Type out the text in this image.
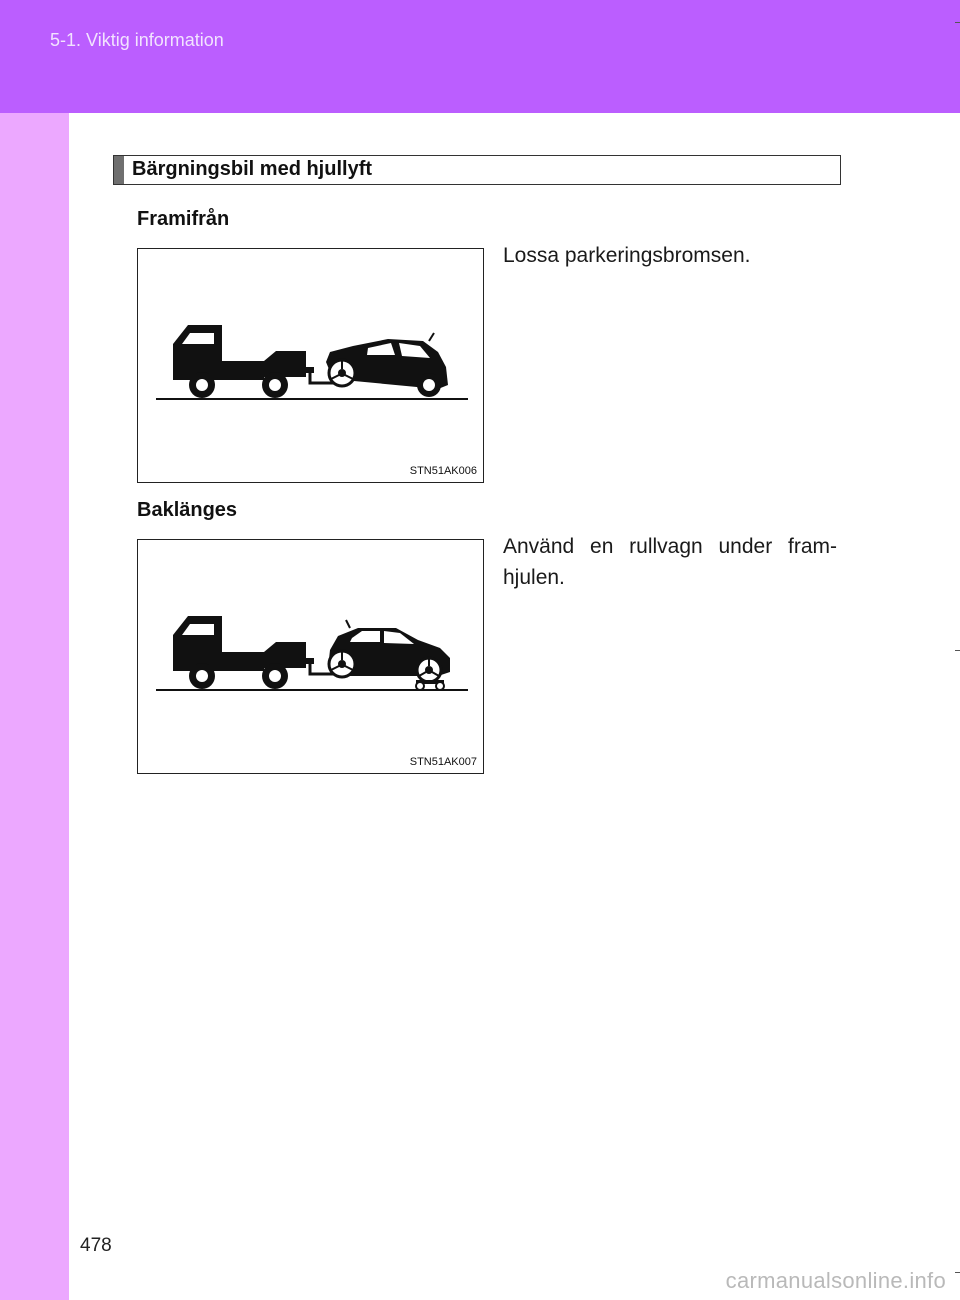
5-1. Viktig information
Bärgningsbil med hjullyft
Framifrån
STN51AK006
Lossa parkeringsbromsen.
Baklänges
STN51AK007
Använd en rullvagn under fram-hjulen.
478
carmanualsonline.info
